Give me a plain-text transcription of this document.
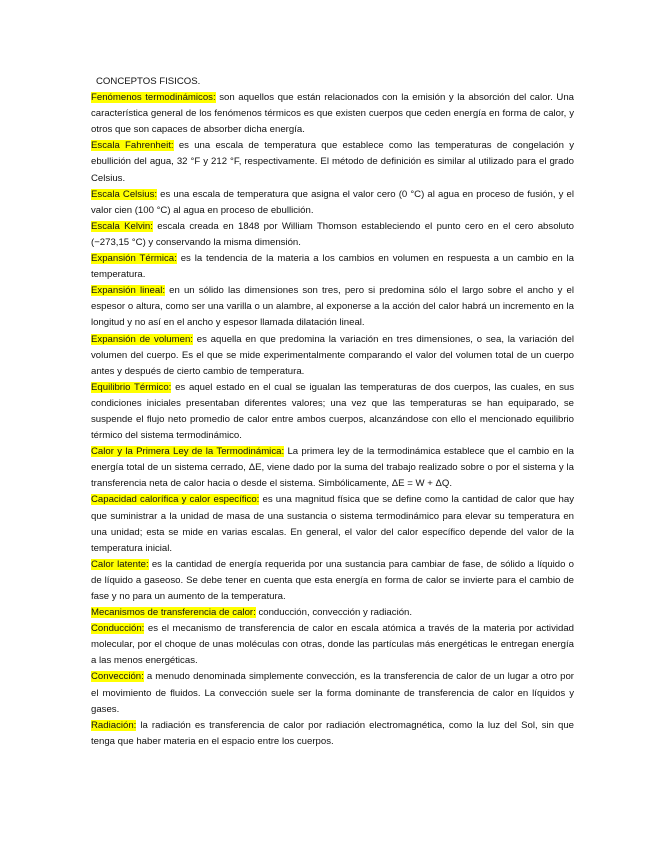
CONCEPTOS FISICOS.

Fenómenos termodinámicos: son aquellos que están relacionados con la emisión y la absorción del calor. Una característica general de los fenómenos térmicos es que existen cuerpos que ceden energía en forma de calor, y otros que son capaces de absorber dicha energía.

Escala Fahrenheit: es una escala de temperatura que establece como las temperaturas de congelación y ebullición del agua, 32 °F y 212 °F, respectivamente. El método de definición es similar al utilizado para el grado Celsius.

Escala Celsius: es una escala de temperatura que asigna el valor cero (0 °C) al agua en proceso de fusión, y el valor cien (100 °C) al agua en proceso de ebullición.

Escala Kelvin: escala creada en 1848 por William Thomson estableciendo el punto cero en el cero absoluto (−273,15 °C) y conservando la misma dimensión.

Expansión Térmica: es la tendencia de la materia a los cambios en volumen en respuesta a un cambio en la temperatura.

Expansión lineal: en un sólido las dimensiones son tres, pero si predomina sólo el largo sobre el ancho y el espesor o altura, como ser una varilla o un alambre, al exponerse a la acción del calor habrá un incremento en la longitud y no así en el ancho y espesor llamada dilatación lineal.

Expansión de volumen: es aquella en que predomina la variación en tres dimensiones, o sea, la variación del volumen del cuerpo. Es el que se mide experimentalmente comparando el valor del volumen total de un cuerpo antes y después de cierto cambio de temperatura.

Equilibrio Térmico: es aquel estado en el cual se igualan las temperaturas de dos cuerpos, las cuales, en sus condiciones iniciales presentaban diferentes valores; una vez que las temperaturas se han equiparado, se suspende el flujo neto promedio de calor entre ambos cuerpos, alcanzándose con ello el mencionado equilibrio térmico del sistema termodinámico.

Calor y la Primera Ley de la Termodinámica: La primera ley de la termodinámica establece que el cambio en la energía total de un sistema cerrado, ΔE, viene dado por la suma del trabajo realizado sobre o por el sistema y la transferencia neta de calor hacia o desde el sistema. Simbólicamente, ΔE = W + ΔQ.

Capacidad calorífica y calor específico: es una magnitud física que se define como la cantidad de calor que hay que suministrar a la unidad de masa de una sustancia o sistema termodinámico para elevar su temperatura en una unidad; esta se mide en varias escalas. En general, el valor del calor específico depende del valor de la temperatura inicial.

Calor latente: es la cantidad de energía requerida por una sustancia para cambiar de fase, de sólido a líquido o de líquido a gaseoso. Se debe tener en cuenta que esta energía en forma de calor se invierte para el cambio de fase y no para un aumento de la temperatura.

Mecanismos de transferencia de calor: conducción, convección y radiación.

Conducción: es el mecanismo de transferencia de calor en escala atómica a través de la materia por actividad molecular, por el choque de unas moléculas con otras, donde las partículas más energéticas le entregan energía a las menos energéticas.

Convección: a menudo denominada simplemente convección, es la transferencia de calor de un lugar a otro por el movimiento de fluidos. La convección suele ser la forma dominante de transferencia de calor en líquidos y gases.

Radiación: la radiación es transferencia de calor por radiación electromagnética, como la luz del Sol, sin que tenga que haber materia en el espacio entre los cuerpos.
